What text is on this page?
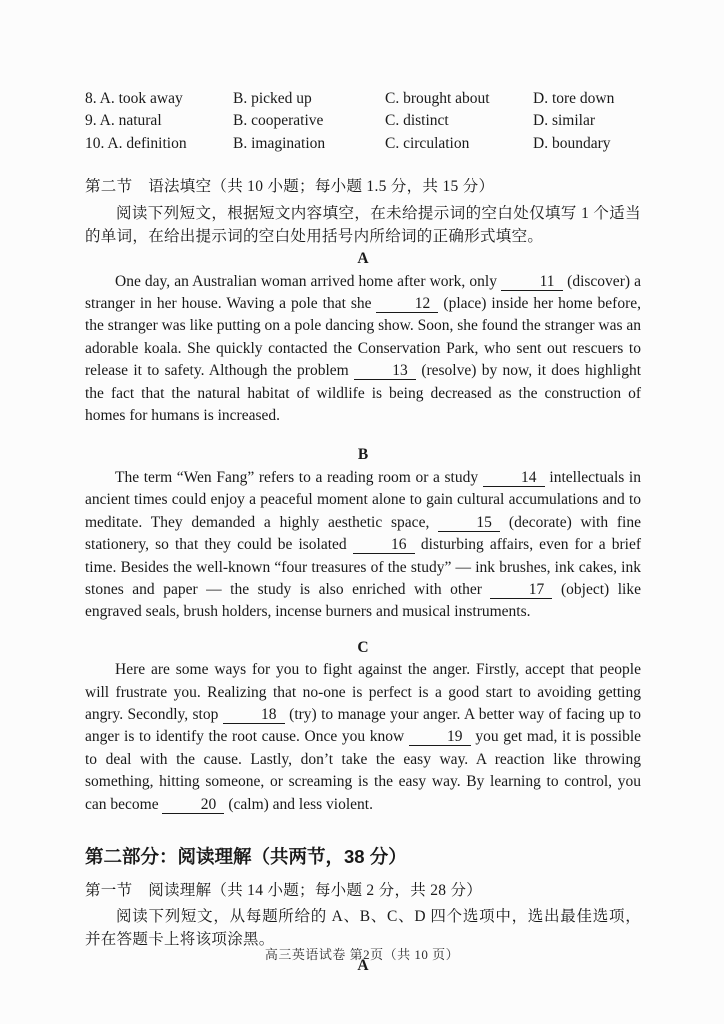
8. A. took away	B. picked up	C. brought about	D. tore down
9. A. natural	B. cooperative	C. distinct	D. similar
10. A. definition	B. imagination	C. circulation	D. boundary
第二节　语法填空（共 10 小题；每小题 1.5 分，共 15 分）

阅读下列短文，根据短文内容填空，在未给提示词的空白处仅填写 1 个适当的单词，在给出提示词的空白处用括号内所给词的正确形式填空。

A

One day, an Australian woman arrived home after work, only 11 (discover) a stranger in her house. Waving a pole that she 12 (place) inside her home before, the stranger was like putting on a pole dancing show. Soon, she found the stranger was an adorable koala. She quickly contacted the Conservation Park, who sent out rescuers to release it to safety. Although the problem 13 (resolve) by now, it does highlight the fact that the natural habitat of wildlife is being decreased as the construction of homes for humans is increased.

B

The term “Wen Fang” refers to a reading room or a study 14 intellectuals in ancient times could enjoy a peaceful moment alone to gain cultural accumulations and to meditate. They demanded a highly aesthetic space, 15 (decorate) with fine stationery, so that they could be isolated 16 disturbing affairs, even for a brief time. Besides the well-known “four treasures of the study” — ink brushes, ink cakes, ink stones and paper — the study is also enriched with other 17 (object) like engraved seals, brush holders, incense burners and musical instruments.

C

Here are some ways for you to fight against the anger. Firstly, accept that people will frustrate you. Realizing that no-one is perfect is a good start to avoiding getting angry. Secondly, stop 18 (try) to manage your anger. A better way of facing up to anger is to identify the root cause. Once you know 19 you get mad, it is possible to deal with the cause. Lastly, don’t take the easy way. A reaction like throwing something, hitting someone, or screaming is the easy way. By learning to control, you can become 20 (calm) and less violent.

第二部分：阅读理解（共两节，38 分）
第一节　阅读理解（共 14 小题；每小题 2 分，共 28 分）

阅读下列短文，从每题所给的 A、B、C、D 四个选项中，选出最佳选项，并在答题卡上将该项涂黑。

A
高三英语试卷 第2页（共 10 页）
